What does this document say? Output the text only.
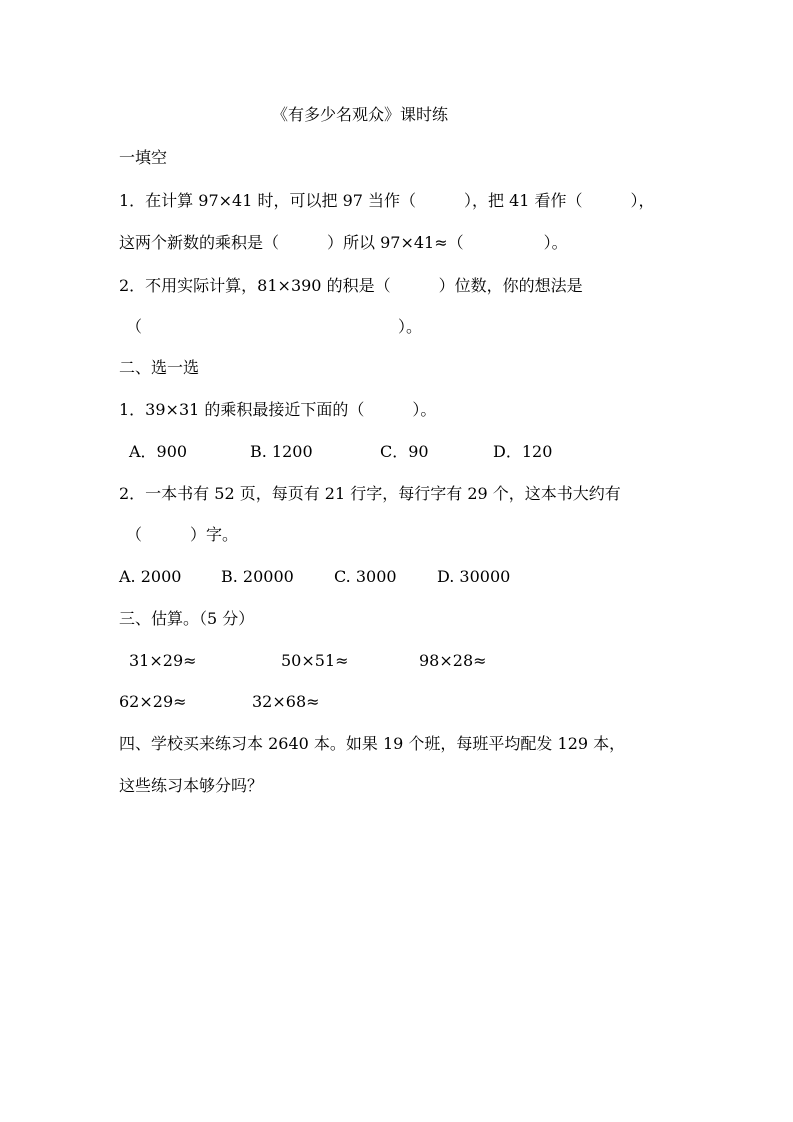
《有多少名观众》课时练
一填空
1．在计算 97×41 时，可以把 97 当作（　　　），把 41 看作（　　　），
这两个新数的乘积是（　　　）所以 97×41≈（　　　　　）。
2．不用实际计算，81×390 的积是（　　　）位数，你的想法是
（　　　　　　　　　　　　　　　　）。
二、选一选
1．39×31 的乘积最接近下面的（　　　）。
A．900	B. 1200	C．90	D．120
2．一本书有 52 页，每页有 21 行字，每行字有 29 个，这本书大约有
（　　　）字。
A. 2000 B. 20000	C. 3000	D. 30000
三、估算。（5 分）
31×29≈	50×51≈	98×28≈
62×29≈	32×68≈
四、学校买来练习本 2640 本。如果 19 个班，每班平均配发 129 本，
这些练习本够分吗？
